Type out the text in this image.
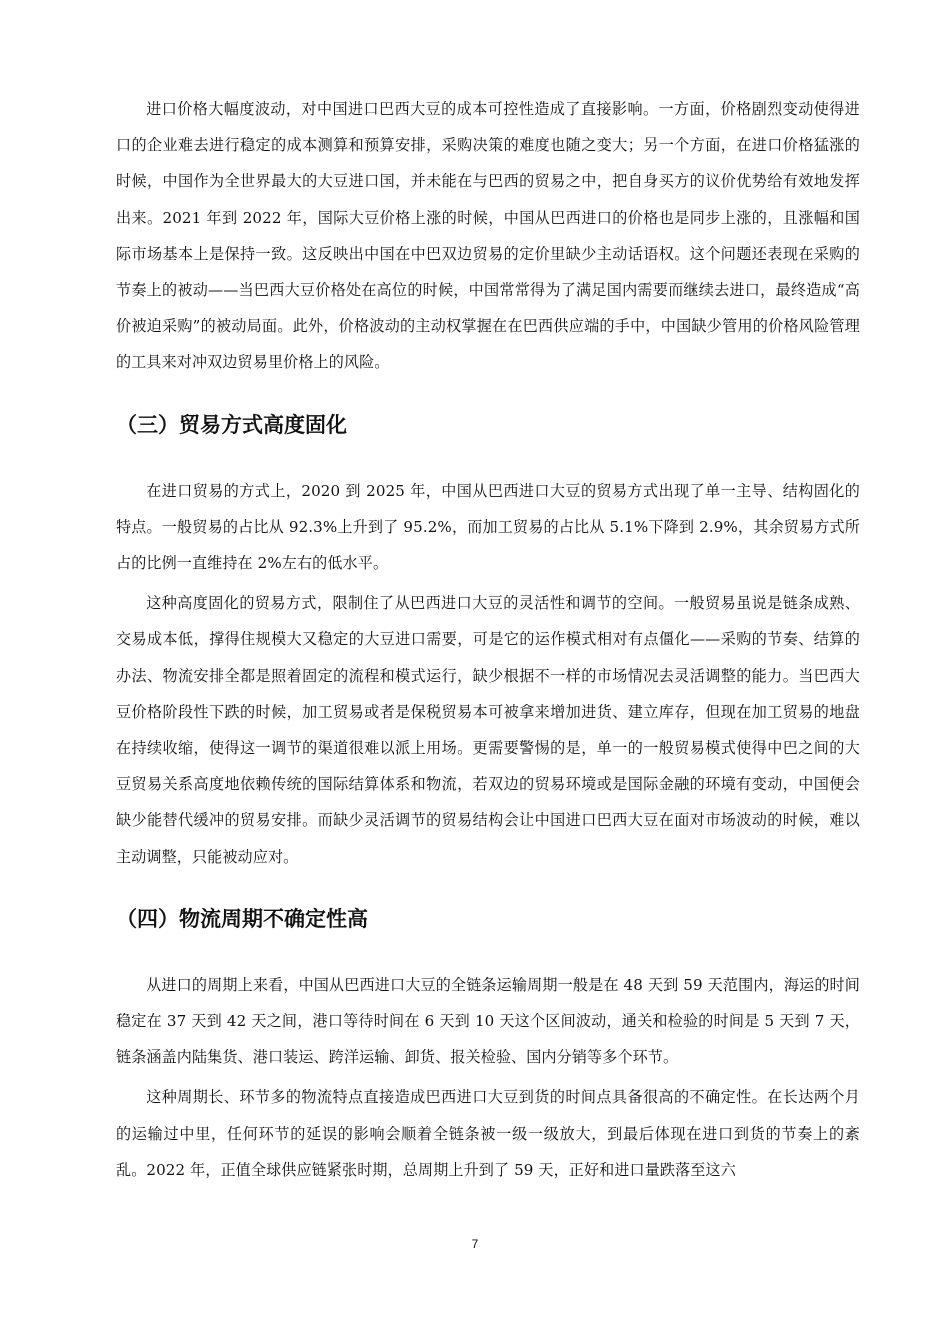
进口价格大幅度波动，对中国进口巴西大豆的成本可控性造成了直接影响。一方面，价格剧烈变动使得进口的企业难去进行稳定的成本测算和预算安排，采购决策的难度也随之变大；另一个方面，在进口价格猛涨的时候，中国作为全世界最大的大豆进口国，并未能在与巴西的贸易之中，把自身买方的议价优势给有效地发挥出来。2021 年到 2022 年，国际大豆价格上涨的时候，中国从巴西进口的价格也是同步上涨的，且涨幅和国际市场基本上是保持一致。这反映出中国在中巴双边贸易的定价里缺少主动话语权。这个问题还表现在采购的节奏上的被动——当巴西大豆价格处在高位的时候，中国常常得为了满足国内需要而继续去进口，最终造成“高价被迫采购”的被动局面。此外，价格波动的主动权掌握在在巴西供应端的手中，中国缺少管用的价格风险管理的工具来对冲双边贸易里价格上的风险。

（三）贸易方式高度固化

在进口贸易的方式上，2020 到 2025 年，中国从巴西进口大豆的贸易方式出现了单一主导、结构固化的特点。一般贸易的占比从 92.3%上升到了 95.2%，而加工贸易的占比从 5.1%下降到 2.9%，其余贸易方式所占的比例一直维持在 2%左右的低水平。

这种高度固化的贸易方式，限制住了从巴西进口大豆的灵活性和调节的空间。一般贸易虽说是链条成熟、交易成本低，撑得住规模大又稳定的大豆进口需要，可是它的运作模式相对有点僵化——采购的节奏、结算的办法、物流安排全都是照着固定的流程和模式运行，缺少根据不一样的市场情况去灵活调整的能力。当巴西大豆价格阶段性下跌的时候，加工贸易或者是保税贸易本可被拿来增加进货、建立库存，但现在加工贸易的地盘在持续收缩，使得这一调节的渠道很难以派上用场。更需要警惕的是，单一的一般贸易模式使得中巴之间的大豆贸易关系高度地依赖传统的国际结算体系和物流，若双边的贸易环境或是国际金融的环境有变动，中国便会缺少能替代缓冲的贸易安排。而缺少灵活调节的贸易结构会让中国进口巴西大豆在面对市场波动的时候，难以主动调整，只能被动应对。

（四）物流周期不确定性高

从进口的周期上来看，中国从巴西进口大豆的全链条运输周期一般是在 48 天到 59 天范围内，海运的时间稳定在 37 天到 42 天之间，港口等待时间在 6 天到 10 天这个区间波动，通关和检验的时间是 5 天到 7 天，链条涵盖内陆集货、港口装运、跨洋运输、卸货、报关检验、国内分销等多个环节。

这种周期长、环节多的物流特点直接造成巴西进口大豆到货的时间点具备很高的不确定性。在长达两个月的运输过中里，任何环节的延误的影响会顺着全链条被一级一级放大，到最后体现在进口到货的节奏上的紊乱。2022 年，正值全球供应链紧张时期，总周期上升到了 59 天，正好和进口量跌落至这六

7
